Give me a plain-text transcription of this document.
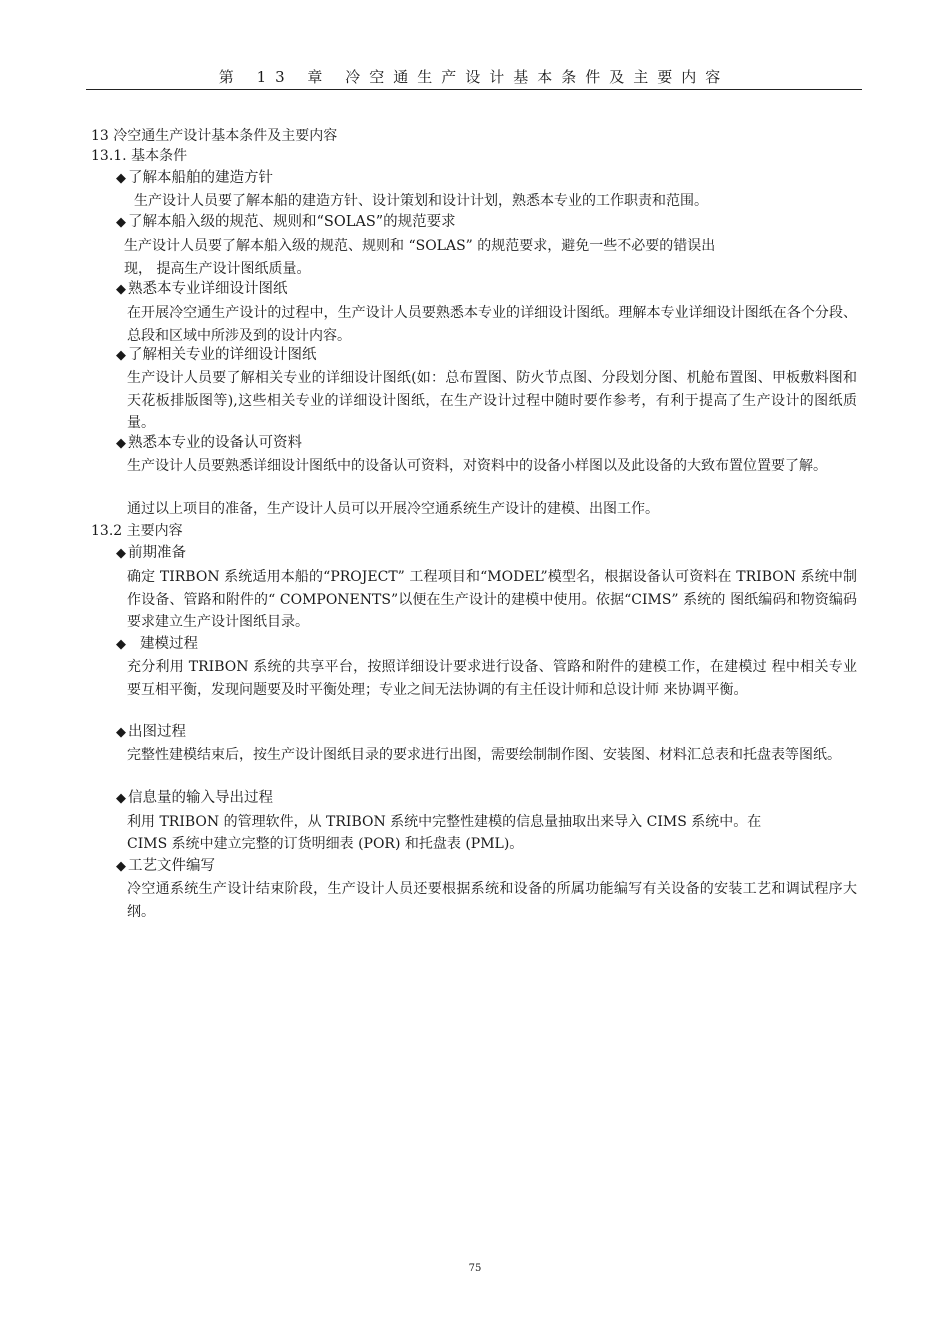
第 13 章 冷空通生产设计基本条件及主要内容
13 冷空通生产设计基本条件及主要内容
13.1. 基本条件
◆ 了解本船舶的建造方针
生产设计人员要了解本船的建造方针、设计策划和设计计划，熟悉本专业的工作职责和范围。
◆ 了解本船入级的规范、规则和“SOLAS”的规范要求
生产设计人员要了解本船入级的规范、规则和 “SOLAS” 的规范要求，避免一些不必要的错误出
现， 提高生产设计图纸质量。
◆ 熟悉本专业详细设计图纸
在开展冷空通生产设计的过程中，生产设计人员要熟悉本专业的详细设计图纸。理解本专业详细设计图纸在各个分段、总段和区域中所涉及到的设计内容。
◆ 了解相关专业的详细设计图纸
生产设计人员要了解相关专业的详细设计图纸(如：总布置图、防火节点图、分段划分图、机舱布置图、甲板敷料图和天花板排版图等),这些相关专业的详细设计图纸，在生产设计过程中随时要作参考，有利于提高了生产设计的图纸质量。
◆ 熟悉本专业的设备认可资料
生产设计人员要熟悉详细设计图纸中的设备认可资料，对资料中的设备小样图以及此设备的大致布置位置要了解。
通过以上项目的准备，生产设计人员可以开展冷空通系统生产设计的建模、出图工作。
13.2 主要内容
◆ 前期准备
确定 TIRBON 系统适用本船的“PROJECT” 工程项目和“MODEL”模型名，根据设备认可资料在 TRIBON 系统中制作设备、管路和附件的“ COMPONENTS”以便在生产设计的建模中使用。依据“CIMS” 系统的 图纸编码和物资编码要求建立生产设计图纸目录。
◆ 建模过程
充分利用 TRIBON 系统的共享平台，按照详细设计要求进行设备、管路和附件的建模工作，在建模过 程中相关专业要互相平衡，发现问题要及时平衡处理；专业之间无法协调的有主任设计师和总设计师 来协调平衡。
◆ 出图过程
完整性建模结束后，按生产设计图纸目录的要求进行出图，需要绘制制作图、安装图、材料汇总表和托盘表等图纸。
◆ 信息量的输入导出过程
利用 TRIBON 的管理软件，从 TRIBON 系统中完整性建模的信息量抽取出来导入 CIMS 系统中。在
CIMS 系统中建立完整的订货明细表 (POR) 和托盘表 (PML)。
◆ 工艺文件编写
冷空通系统生产设计结束阶段，生产设计人员还要根据系统和设备的所属功能编写有关设备的安装工艺和调试程序大纲。
75
